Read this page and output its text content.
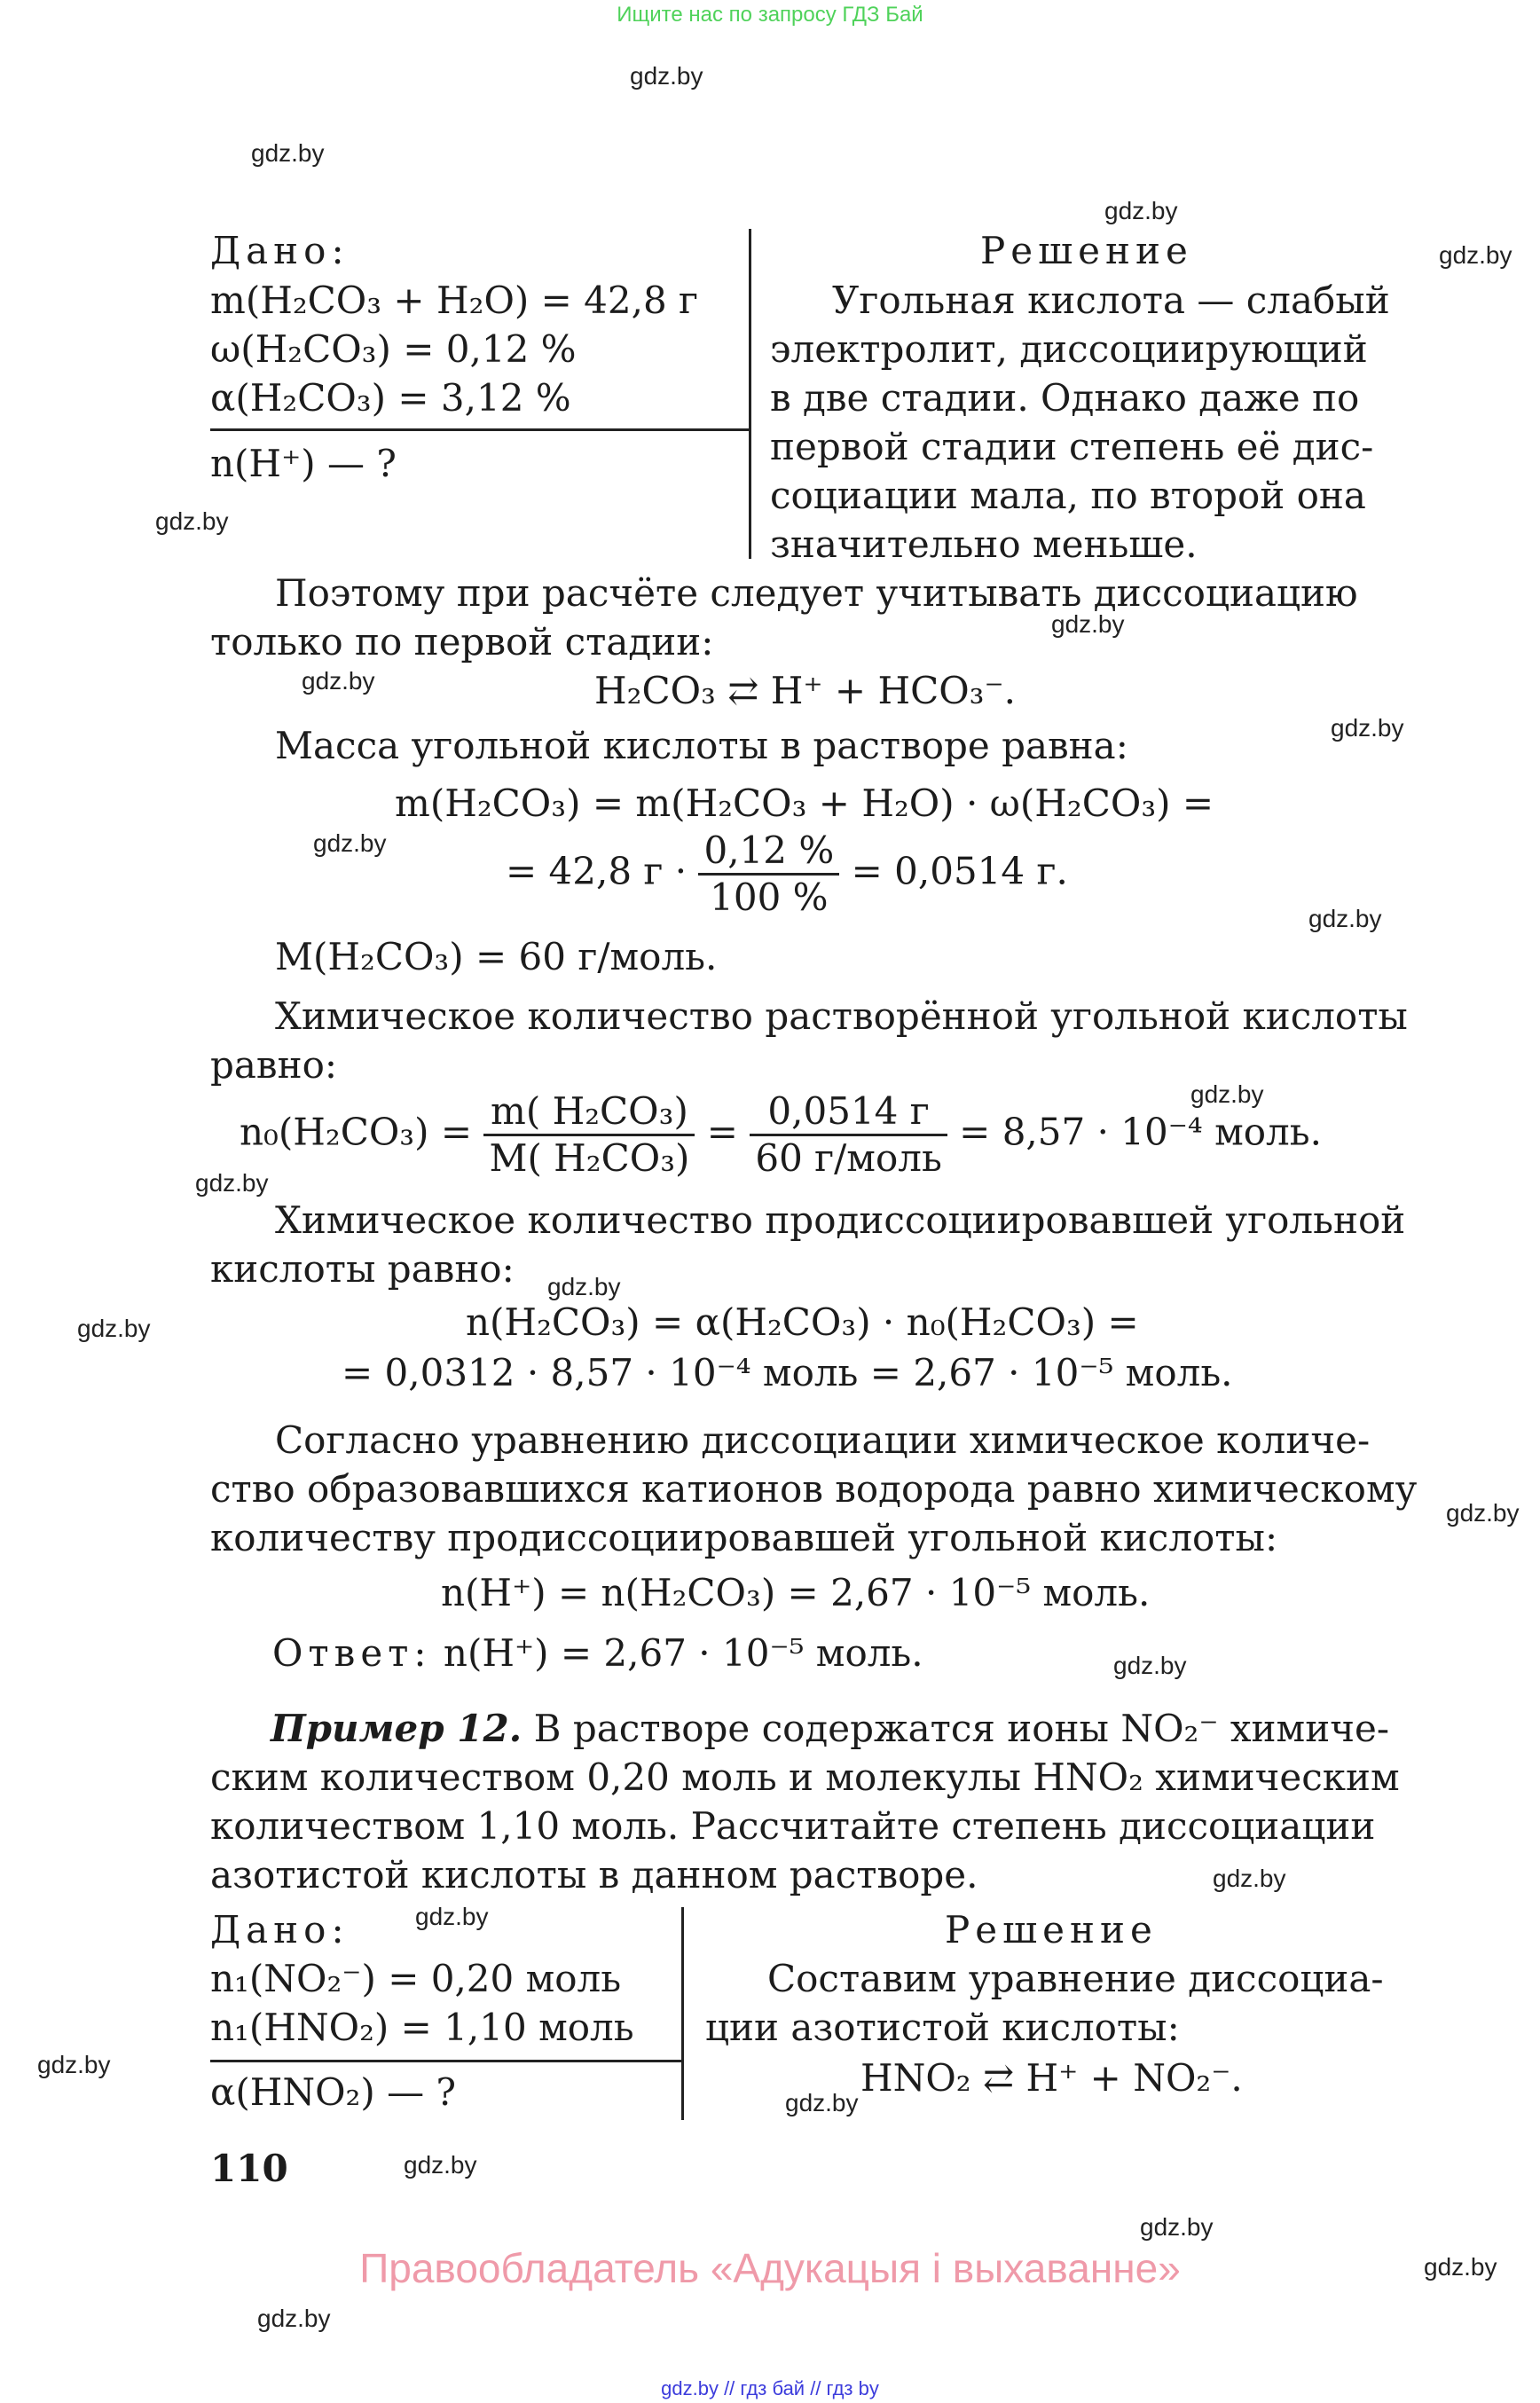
Ищите нас по запросу ГДЗ Бай
gdz.by
gdz.by
gdz.by
gdz.by
gdz.by
gdz.by
gdz.by
gdz.by
gdz.by
gdz.by
gdz.by
gdz.by
gdz.by
gdz.by
gdz.by
gdz.by
gdz.by
gdz.by
gdz.by
gdz.by
gdz.by
gdz.by
gdz.by
gdz.by
Дано:
m(H₂CO₃ + H₂O) = 42,8 г
ω(H₂CO₃) = 0,12 %
α(H₂CO₃) = 3,12 %
n(H⁺) — ?
Решение
Угольная кислота — слабый
электролит, диссоциирующий
в две стадии. Однако даже по
первой стадии степень её дис-
социации мала, по второй она
значительно меньше.
Поэтому при расчёте следует учитывать диссоциацию
только по первой стадии:
H₂CO₃ ⇄ H⁺ + HCO₃⁻.
Масса угольной кислоты в растворе равна:
m(H₂CO₃) = m(H₂CO₃ + H₂O) · ω(H₂CO₃) =
= 42,8 $г \cdot \frac{0,12 \%}{100 \%} = 0,0514$ г.
M(H₂CO₃) = 60 г/моль.
Химическое количество растворённой угольной кислоты
равно:
$n_0(H_2CO_3) = \frac{\text{m( H₂CO₃)}}{\text{M( H₂CO₃)}} = \frac{0,0514 г}{\text{60 г/моль}} = 8,57 \cdot 10^{-4}$ моль.
Химическое количество продиссоциировавшей угольной
кислоты равно:
n(H₂CO₃) = α(H₂CO₃) · n₀(H₂CO₃) =
= 0,0312 · 8,57 · 10⁻⁴ моль = 2,67 · 10⁻⁵ моль.
Согласно уравнению диссоциации химическое количе-
ство образовавшихся катионов водорода равно химическому
количеству продиссоциировавшей угольной кислоты:
n(H⁺) = n(H₂CO₃) = 2,67 · 10⁻⁵ моль.
Ответ: n(H⁺) = 2,67 · 10⁻⁵ моль.
Пример 12. В растворе содержатся ионы NO₂⁻ химиче-
ским количеством 0,20 моль и молекулы HNO₂ химическим
количеством 1,10 моль. Рассчитайте степень диссоциации
азотистой кислоты в данном растворе.
Дано:
n₁(NO₂⁻) = 0,20 моль
n₁(HNO₂) = 1,10 моль
α(HNO₂) — ?
Решение
Составим уравнение диссоциа-
ции азотистой кислоты:
HNO₂ ⇄ H⁺ + NO₂⁻.
110
Правообладатель «Адукацыя і выхаванне»
gdz.by // гдз бай // гдз by
